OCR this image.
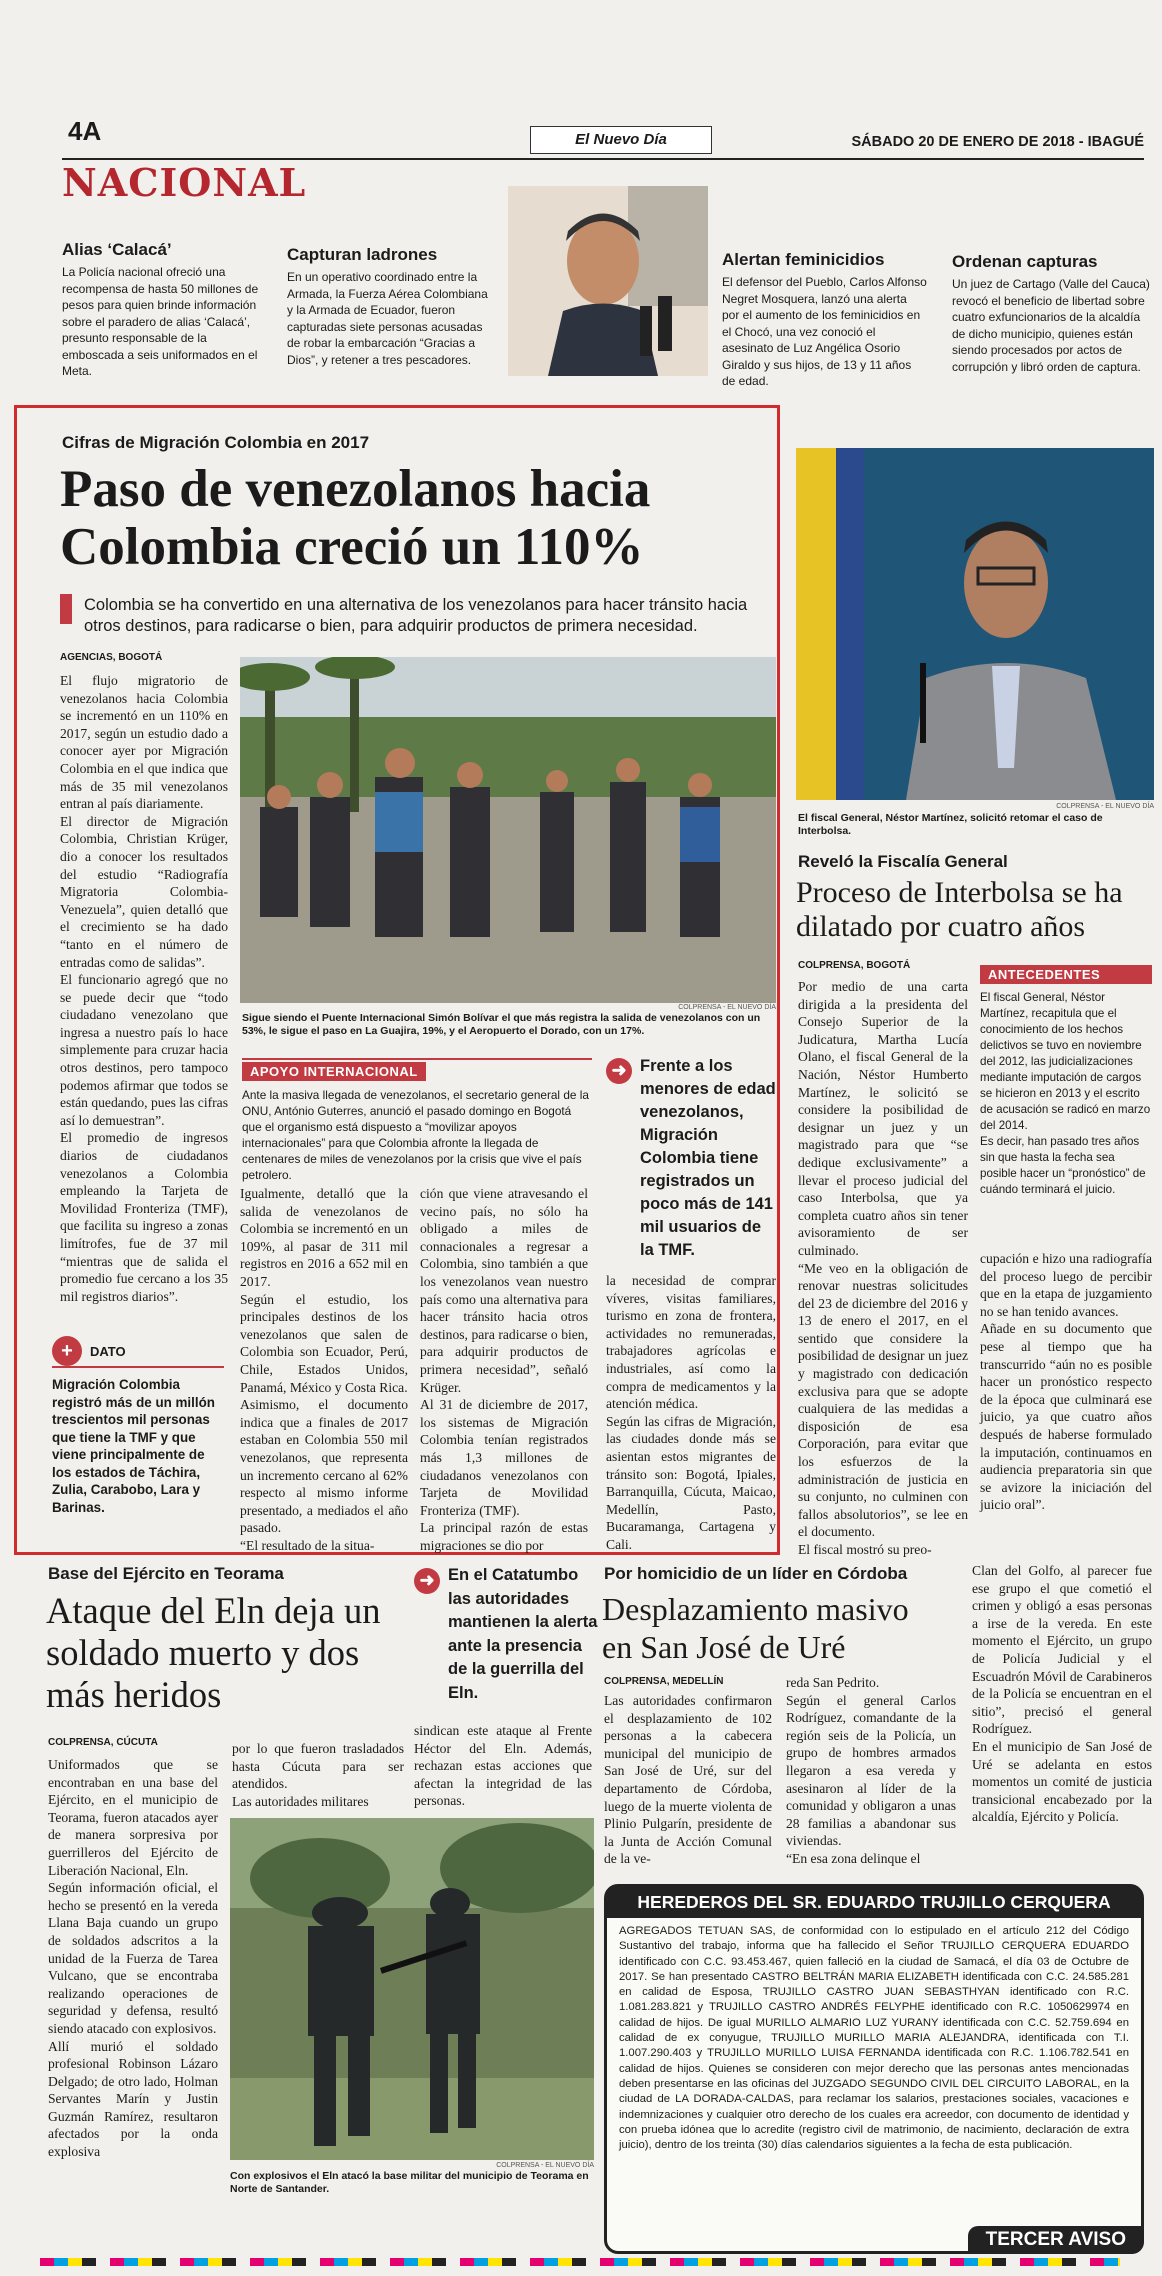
4A	El Nuevo Día	SÁBADO 20 DE ENERO DE 2018 - IBAGUÉ
NACIONAL
Alias ‘Calacá’

La Policía nacional ofreció una recompensa de hasta 50 millones de pesos para quien brinde información sobre el paradero de alias ‘Calacá’, presunto responsable de la emboscada a seis uniformados en el Meta.

Capturan ladrones

En un operativo coordinado entre la Armada, la Fuerza Aérea Colombiana y la Armada de Ecuador, fueron capturadas siete personas acusadas de robar la embarcación “Gracias a Dios”, y retener a tres pescadores.

Alertan feminicidios

El defensor del Pueblo, Carlos Alfonso Negret Mosquera, lanzó una alerta por el aumento de los feminicidios en el Chocó, una vez conoció el asesinato de Luz Angélica Osorio Giraldo y sus hijos, de 13 y 11 años de edad.

Ordenan capturas

Un juez de Cartago (Valle del Cauca) revocó el beneficio de libertad sobre cuatro exfuncionarios de la alcaldía de dicho municipio, quienes están siendo procesados por actos de corrupción y libró orden de captura.

Cifras de Migración Colombia en 2017
Paso de venezolanos hacia
Colombia creció un 110%

Colombia se ha convertido en una alternativa de los venezolanos para hacer tránsito hacia otros destinos, para radicarse o bien, para adquirir productos de primera necesidad.

AGENCIAS, BOGOTÁ

El flujo migratorio de venezolanos hacia Colombia se incrementó en un 110% en 2017, según un estudio dado a conocer ayer por Migración Colombia en el que indica que más de 35 mil venezolanos entran al país diariamente.
El director de Migración Colombia, Christian Krüger, dio a conocer los resultados del estudio “Radiografía Migratoria Colombia-Venezuela”, quien detalló que el crecimiento se ha dado “tanto en el número de entradas como de salidas”.
El funcionario agregó que no se puede decir que “todo ciudadano venezolano que ingresa a nuestro país lo hace simplemente para cruzar hacia otros destinos, pero tampoco podemos afirmar que todos se están quedando, pues las cifras así lo demuestran”.
El promedio de ingresos diarios de ciudadanos venezolanos a Colombia empleando la Tarjeta de Movilidad Fronteriza (TMF), que facilita su ingreso a zonas limítrofes, fue de 37 mil “mientras que de salida el promedio fue cercano a los 35 mil registros diarios”.

COLPRENSA - EL NUEVO DÍA

Sigue siendo el Puente Internacional Simón Bolívar el que más registra la salida de venezolanos con un 53%, le sigue el paso en La Guajira, 19%, y el Aeropuerto el Dorado, con un 17%.

APOYO INTERNACIONAL

Ante la masiva llegada de venezolanos, el secretario general de la ONU, António Guterres, anunció el pasado domingo en Bogotá que el organismo está dispuesto a “movilizar apoyos internacionales” para que Colombia afronte la llegada de centenares de miles de venezolanos por la crisis que vive el país petrolero.

➜ Frente a los menores de edad venezolanos, Migración Colombia tiene registrados un poco más de 141 mil usuarios de la TMF.

+	DATO

Migración Colombia registró más de un millón trescientos mil personas que tiene la TMF y que viene principalmente de los estados de Táchira, Zulia, Carabobo, Lara y Barinas.

Igualmente, detalló que la salida de venezolanos de Colombia se incrementó en un 109%, al pasar de 311 mil registros en 2016 a 652 mil en 2017.
Según el estudio, los principales destinos de los venezolanos que salen de Colombia son Ecuador, Perú, Chile, Estados Unidos, Panamá, México y Costa Rica.
Asimismo, el documento indica que a finales de 2017 estaban en Colombia 550 mil venezolanos, que representa un incremento cercano al 62% respecto al mismo informe presentado, a mediados el año pasado.
“El resultado de la situa-

ción que viene atravesando el vecino país, no sólo ha obligado a miles de connacionales a regresar a Colombia, sino también a que los venezolanos vean nuestro país como una alternativa para hacer tránsito hacia otros destinos, para radicarse o bien, para adquirir productos de primera necesidad”, señaló Krüger.
Al 31 de diciembre de 2017, los sistemas de Migración Colombia tenían registrados más 1,3 millones de ciudadanos venezolanos con Tarjeta de Movilidad Fronteriza (TMF).
La principal razón de estas migraciones se dio por

la necesidad de comprar víveres, visitas familiares, turismo en zona de frontera, actividades no remuneradas, trabajadores agrícolas e industriales, así como la compra de medicamentos y la atención médica.
Según las cifras de Migración, las ciudades donde más se asientan estos migrantes de tránsito son: Bogotá, Ipiales, Barranquilla, Cúcuta, Maicao, Medellín, Pasto, Bucaramanga, Cartagena y Cali.

COLPRENSA - EL NUEVO DÍA

El fiscal General, Néstor Martínez, solicitó retomar el caso de Interbolsa.

Reveló la Fiscalía General
Proceso de Interbolsa se ha dilatado por cuatro años
COLPRENSA, BOGOTÁ

Por medio de una carta dirigida a la presidenta del Consejo Superior de la Judicatura, Martha Lucía Olano, el fiscal General de la Nación, Néstor Humberto Martínez, le solicitó se considere la posibilidad de designar un juez y un magistrado para que “se dedique exclusivamente” a llevar el proceso judicial del caso Interbolsa, que ya completa cuatro años sin tener avisoramiento de ser culminado.
“Me veo en la obligación de renovar nuestras solicitudes del 23 de diciembre del 2016 y 13 de enero el 2017, en el sentido que considere la posibilidad de designar un juez y magistrado con dedicación exclusiva para que se adopte cualquiera de las medidas a disposición de esa Corporación, para evitar que los esfuerzos de la administración de justicia en su conjunto, no culminen con fallos absolutorios”, se lee en el documento.
El fiscal mostró su preo-

ANTECEDENTES

El fiscal General, Néstor Martínez, recapitula que el conocimiento de los hechos delictivos se tuvo en noviembre del 2012, las judicializaciones mediante imputación de cargos se hicieron en 2013 y el escrito de acusación se radicó en marzo del 2014.
Es decir, han pasado tres años sin que hasta la fecha sea posible hacer un “pronóstico” de cuándo terminará el juicio.

cupación e hizo una radiografía del proceso luego de percibir que en la etapa de juzgamiento no se han tenido avances.
Añade en su documento que pese al tiempo que ha transcurrido “aún no es posible hacer un pronóstico respecto de la época que culminará ese juicio, ya que cuatro años después de haberse formulado la imputación, continuamos en audiencia preparatoria sin que se avizore la iniciación del juicio oral”.

Base del Ejército en Teorama
Ataque del Eln deja un soldado muerto y dos más heridos
COLPRENSA, CÚCUTA

Uniformados que se encontraban en una base del Ejército, en el municipio de Teorama, fueron atacados ayer de manera sorpresiva por guerrilleros del Ejército de Liberación Nacional, Eln.
Según información oficial, el hecho se presentó en la vereda Llana Baja cuando un grupo de soldados adscritos a la unidad de la Fuerza de Tarea Vulcano, que se encontraba realizando operaciones de seguridad y defensa, resultó siendo atacado con explosivos.
Allí murió el soldado profesional Robinson Lázaro Delgado; de otro lado, Holman Servantes Marín y Justin Guzmán Ramírez, resultaron afectados por la onda explosiva

por lo que fueron trasladados hasta Cúcuta para ser atendidos.
Las autoridades militares

➜ En el Catatumbo las autoridades mantienen la alerta ante la presencia de la guerrilla del Eln.

sindican este ataque al Frente Héctor del Eln. Además, rechazan estas acciones que afectan la integridad de las personas.

COLPRENSA - EL NUEVO DÍA

Con explosivos el Eln atacó la base militar del municipio de Teorama en Norte de Santander.

Por homicidio de un líder en Córdoba
Desplazamiento masivo en San José de Uré
COLPRENSA, MEDELLÍN

Las autoridades confirmaron el desplazamiento de 102 personas a la cabecera municipal del municipio de San José de Uré, sur del departamento de Córdoba, luego de la muerte violenta de Plinio Pulgarín, presidente de la Junta de Acción Comunal de la ve-

reda San Pedrito.
Según el general Carlos Rodríguez, comandante de la región seis de la Policía, un grupo de hombres armados llegaron a esa vereda y asesinaron al líder de la comunidad y obligaron a unas 28 familias a abandonar sus viviendas.
“En esa zona delinque el

Clan del Golfo, al parecer fue ese grupo el que cometió el crimen y obligó a esas personas a irse de la vereda. En este momento el Ejército, un grupo de Policía Judicial y el Escuadrón Móvil de Carabineros de la Policía se encuentran en el sitio”, precisó el general Rodríguez.
En el municipio de San José de Uré se adelanta en estos momentos un comité de justicia transicional encabezado por la alcaldía, Ejército y Policía.

HEREDEROS DEL SR. EDUARDO TRUJILLO CERQUERA

AGREGADOS TETUAN SAS, de conformidad con lo estipulado en el artículo 212 del Código Sustantivo del trabajo, informa que ha fallecido el Señor TRUJILLO CERQUERA EDUARDO identificado con C.C. 93.453.467, quien falleció en la ciudad de Samacá, el día 03 de Octubre de 2017. Se han presentado CASTRO BELTRÁN MARIA ELIZABETH identificada con C.C. 24.585.281 en calidad de Esposa, TRUJILLO CASTRO JUAN SEBASTHYAN identificado con R.C. 1.081.283.821 y TRUJILLO CASTRO ANDRÉS FELYPHE identificado con R.C. 1050629974 en calidad de hijos. De igual MURILLO ALMARIO LUZ YURANY identificada con C.C. 52.759.694 en calidad de ex conyugue, TRUJILLO MURILLO MARIA ALEJANDRA, identificada con T.I. 1.007.290.403 y TRUJILLO MURILLO LUISA FERNANDA identificada con R.C. 1.106.782.541 en calidad de hijos. Quienes se consideren con mejor derecho que las personas antes mencionadas deben presentarse en las oficinas del JUZGADO SEGUNDO CIVIL DEL CIRCUITO LABORAL, en la ciudad de LA DORADA-CALDAS, para reclamar los salarios, prestaciones sociales, vacaciones e indemnizaciones y cualquier otro derecho de los cuales era acreedor, con documento de identidad y con prueba idónea que lo acredite (registro civil de matrimonio, de nacimiento, declaración de extra juicio), dentro de los treinta (30) días calendarios siguientes a la fecha de esta publicación.

TERCER AVISO
